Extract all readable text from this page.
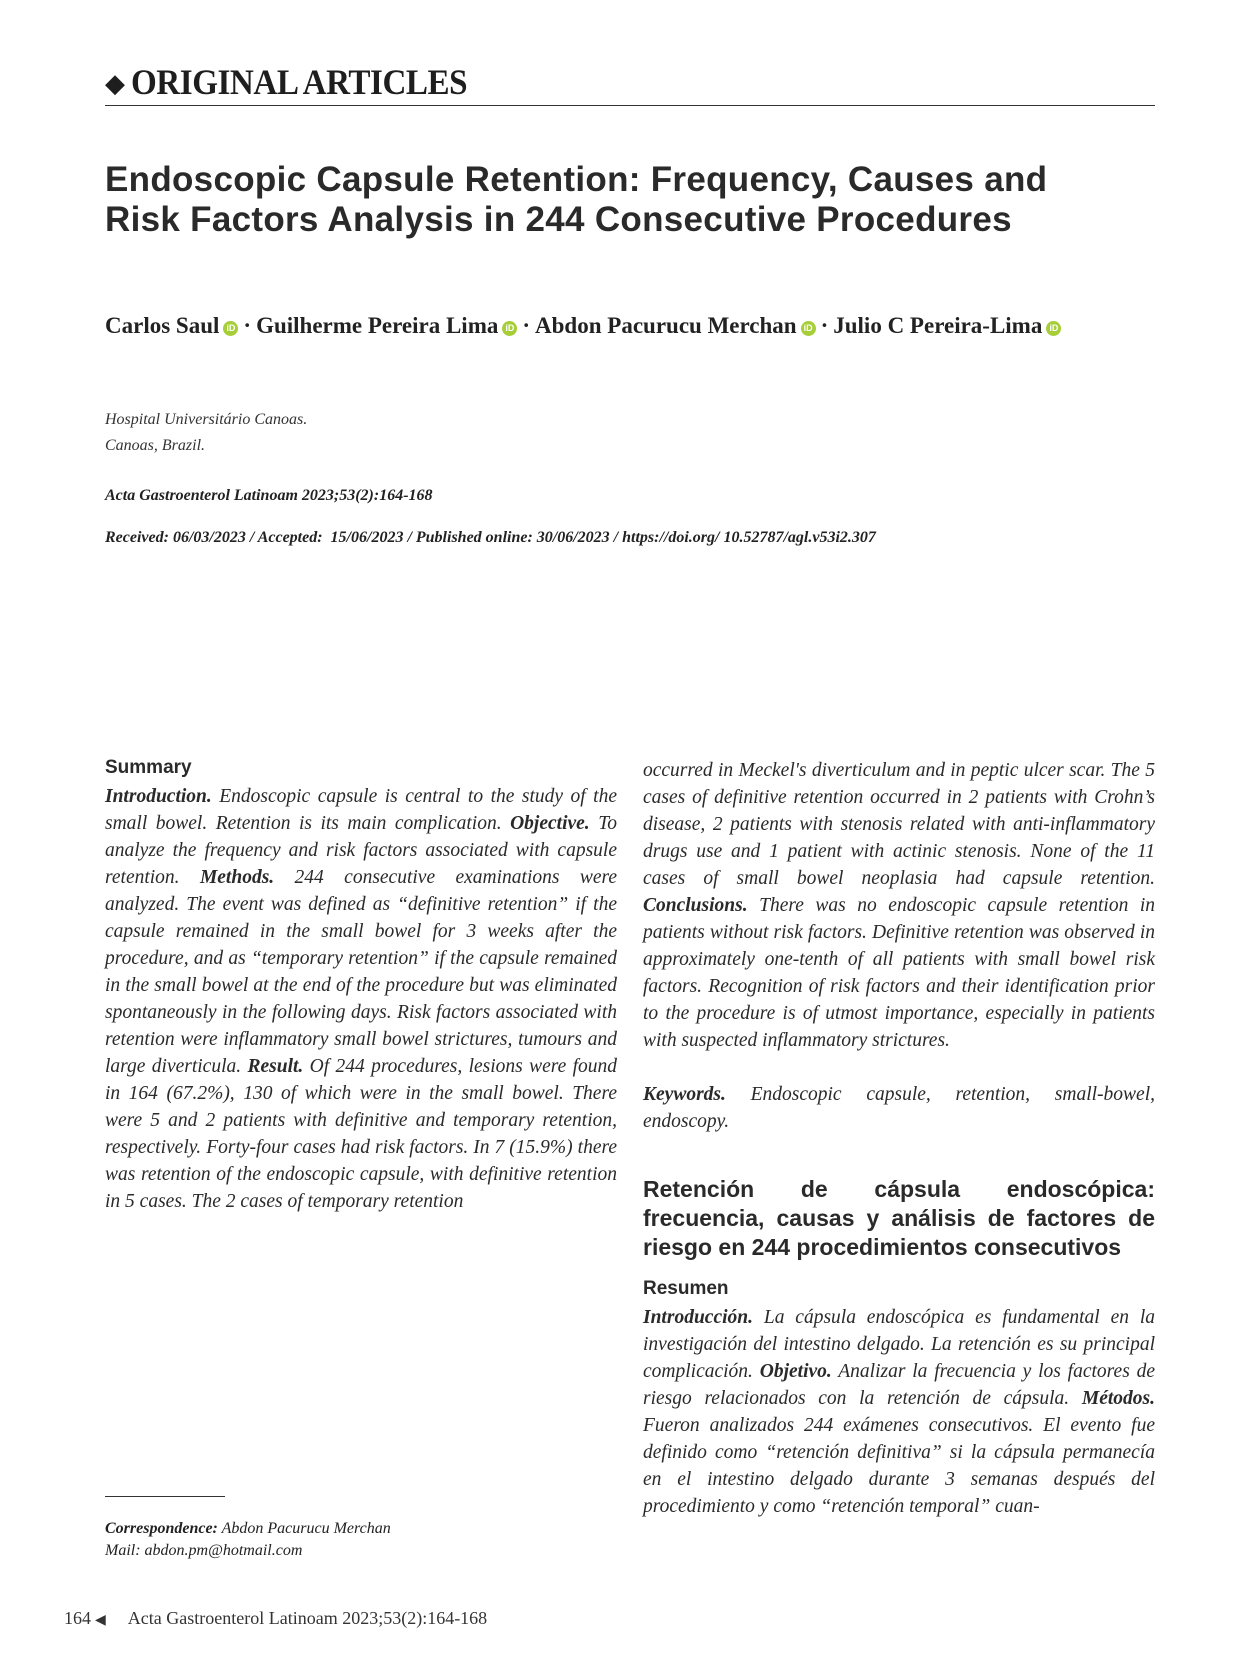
◆ ORIGINAL ARTICLES
Endoscopic Capsule Retention: Frequency, Causes and Risk Factors Analysis in 244 Consecutive Procedures
Carlos Saul iD · Guilherme Pereira Lima iD · Abdon Pacurucu Merchan iD · Julio C Pereira-Lima iD
Hospital Universitário Canoas.
Canoas, Brazil.
Acta Gastroenterol Latinoam 2023;53(2):164-168
Received: 06/03/2023 / Accepted:  15/06/2023 / Published online: 30/06/2023 / https://doi.org/ 10.52787/agl.v53i2.307
Summary

Introduction. Endoscopic capsule is central to the study of the small bowel. Retention is its main complication. Objective. To analyze the frequency and risk factors associated with capsule retention. Methods. 244 consecutive examinations were analyzed. The event was defined as “definitive retention” if the capsule remained in the small bowel for 3 weeks after the procedure, and as “temporary retention” if the capsule remained in the small bowel at the end of the procedure but was eliminated spontaneously in the following days. Risk factors associated with retention were inflammatory small bowel strictures, tumours and large diverticula. Result. Of 244 procedures, lesions were found in 164 (67.2%), 130 of which were in the small bowel. There were 5 and 2 patients with definitive and temporary retention, respectively. Forty-four cases had risk factors. In 7 (15.9%) there was retention of the endoscopic capsule, with definitive retention in 5 cases. The 2 cases of temporary retention

occurred in Meckel's diverticulum and in peptic ulcer scar. The 5 cases of definitive retention occurred in 2 patients with Crohn’s disease, 2 patients with stenosis related with anti-inflammatory drugs use and 1 patient with actinic stenosis. None of the 11 cases of small bowel neoplasia had capsule retention. Conclusions. There was no endoscopic capsule retention in patients without risk factors. Definitive retention was observed in approximately one-tenth of all patients with small bowel risk factors. Recognition of risk factors and their identification prior to the procedure is of utmost importance, especially in patients with suspected inflammatory strictures.

Keywords. Endoscopic capsule, retention, small-bowel, endoscopy.

Retención de cápsula endoscópica: frecuencia, causas y análisis de factores de riesgo en 244 procedimientos consecutivos
Resumen

Introducción. La cápsula endoscópica es fundamental en la investigación del intestino delgado. La retención es su principal complicación. Objetivo. Analizar la frecuencia y los factores de riesgo relacionados con la retención de cápsula. Métodos. Fueron analizados 244 exámenes consecutivos. El evento fue definido como “retención definitiva” si la cápsula permanecía en el intestino delgado durante 3 semanas después del procedimiento y como “retención temporal” cuan-

Correspondence: Abdon Pacurucu Merchan
Mail: abdon.pm@hotmail.com
164 ◀ Acta Gastroenterol Latinoam 2023;53(2):164-168
